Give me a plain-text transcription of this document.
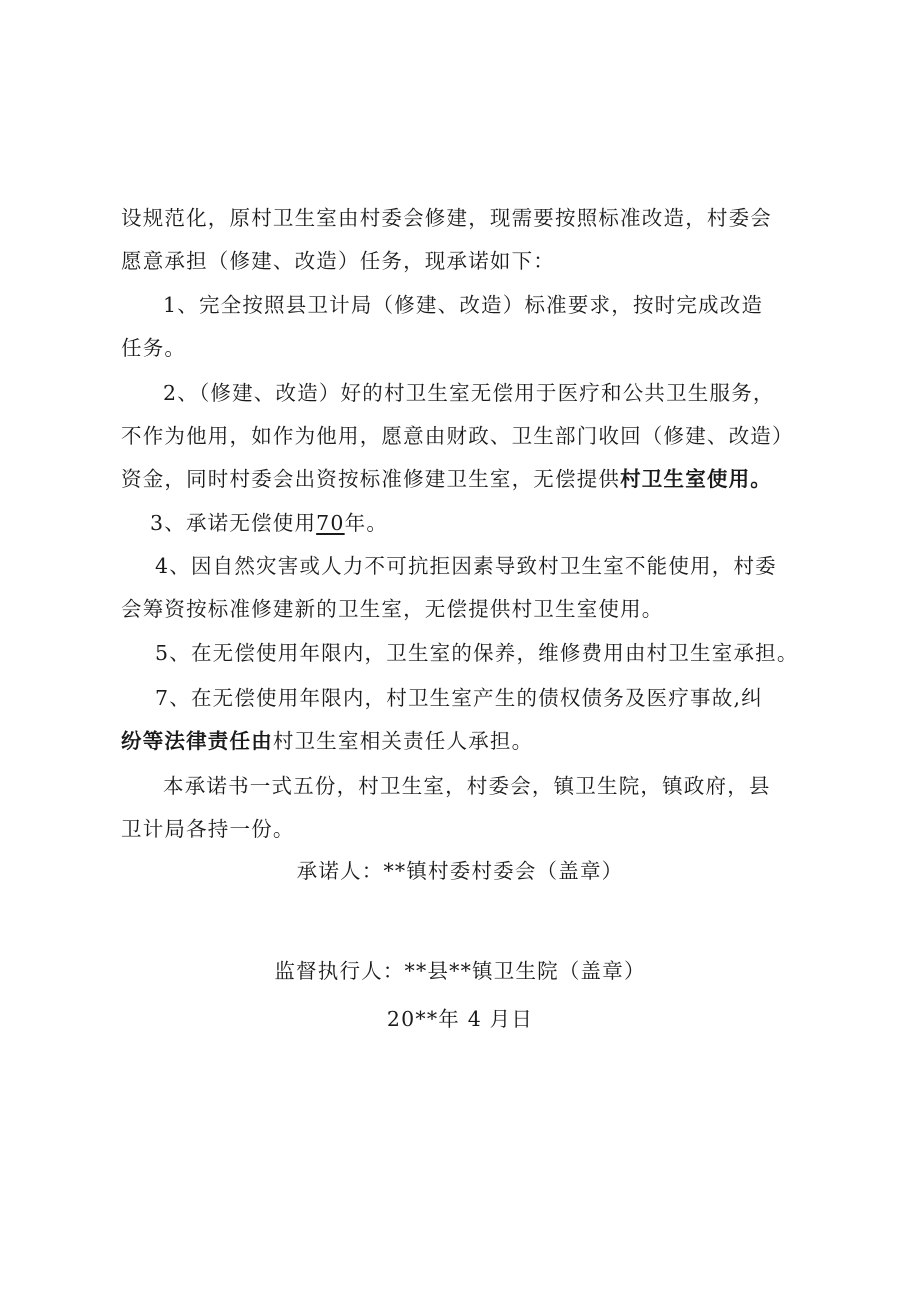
设规范化，原村卫生室由村委会修建，现需要按照标准改造，村委会
愿意承担（修建、改造）任务，现承诺如下：
1、完全按照县卫计局（修建、改造）标准要求，按时完成改造
任务。
2、（修建、改造）好的村卫生室无偿用于医疗和公共卫生服务，
不作为他用，如作为他用，愿意由财政、卫生部门收回（修建、改造）
资金，同时村委会出资按标准修建卫生室，无偿提供村卫生室使用。
3、承诺无偿使用70年。
4、因自然灾害或人力不可抗拒因素导致村卫生室不能使用，村委
会筹资按标准修建新的卫生室，无偿提供村卫生室使用。
5、在无偿使用年限内，卫生室的保养，维修费用由村卫生室承担。
7、在无偿使用年限内，村卫生室产生的债权债务及医疗事故,纠
纷等法律责任由村卫生室相关责任人承担。
本承诺书一式五份，村卫生室，村委会，镇卫生院，镇政府，县
卫计局各持一份。
承诺人：**镇村委村委会（盖章）
监督执行人：**县**镇卫生院（盖章）
20**年 4 月日
